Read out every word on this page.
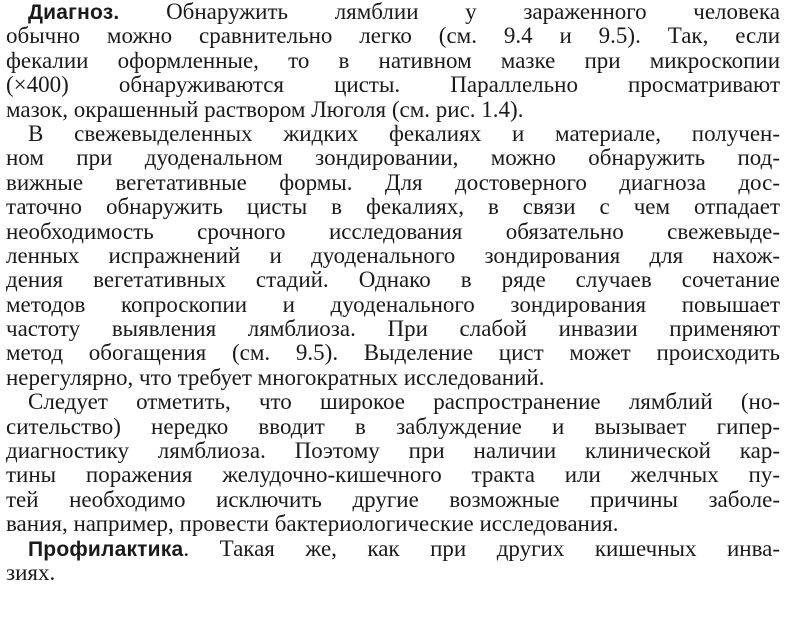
Диагноз. Обнаружить лямблии у зараженного человека
обычно можно сравнительно легко (см. 9.4 и 9.5). Так, если
фекалии оформленные, то в нативном мазке при микроскопии
(×400) обнаруживаются цисты. Параллельно просматривают
мазок, окрашенный раствором Люголя (см. рис. 1.4).
В свежевыделенных жидких фекалиях и материале, получен-
ном при дуоденальном зондировании, можно обнаружить под-
вижные вегетативные формы. Для достоверного диагноза дос-
таточно обнаружить цисты в фекалиях, в связи с чем отпадает
необходимость срочного исследования обязательно свежевыде-
ленных испражнений и дуоденального зондирования для нахож-
дения вегетативных стадий. Однако в ряде случаев сочетание
методов копроскопии и дуоденального зондирования повышает
частоту выявления лямблиоза. При слабой инвазии применяют
метод обогащения (см. 9.5). Выделение цист может происходить
нерегулярно, что требует многократных исследований.
Следует отметить, что широкое распространение лямблий (но-
сительство) нередко вводит в заблуждение и вызывает гипер-
диагностику лямблиоза. Поэтому при наличии клинической кар-
тины поражения желудочно-кишечного тракта или желчных пу-
тей необходимо исключить другие возможные причины заболе-
вания, например, провести бактериологические исследования.
Профилактика. Такая же, как при других кишечных инва-
зиях.
